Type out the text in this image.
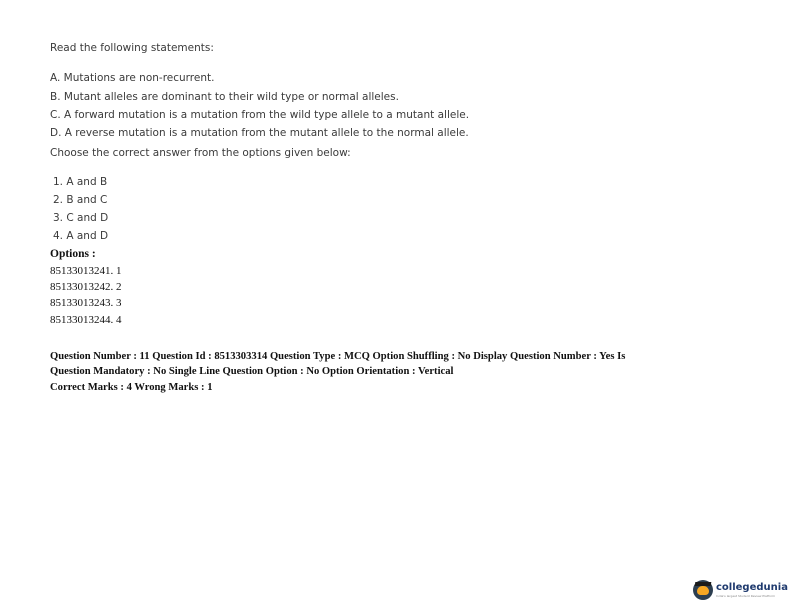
Read the following statements:
A. Mutations are non-recurrent.
B. Mutant alleles are dominant to their wild type or normal alleles.
C. A forward mutation is a mutation from the wild type allele to a mutant allele.
D. A reverse mutation is a mutation from the mutant allele to the normal allele.
Choose the correct answer from the options given below:
1. A and B
2. B and C
3. C and D
4. A and D
Options :
85133013241. 1
85133013242. 2
85133013243. 3
85133013244. 4
Question Number : 11 Question Id : 8513303314 Question Type : MCQ Option Shuffling : No Display Question Number : Yes Is
Question Mandatory : No Single Line Question Option : No Option Orientation : Vertical
Correct Marks : 4 Wrong Marks : 1
collegedunia
India's largest Student Review Platform
